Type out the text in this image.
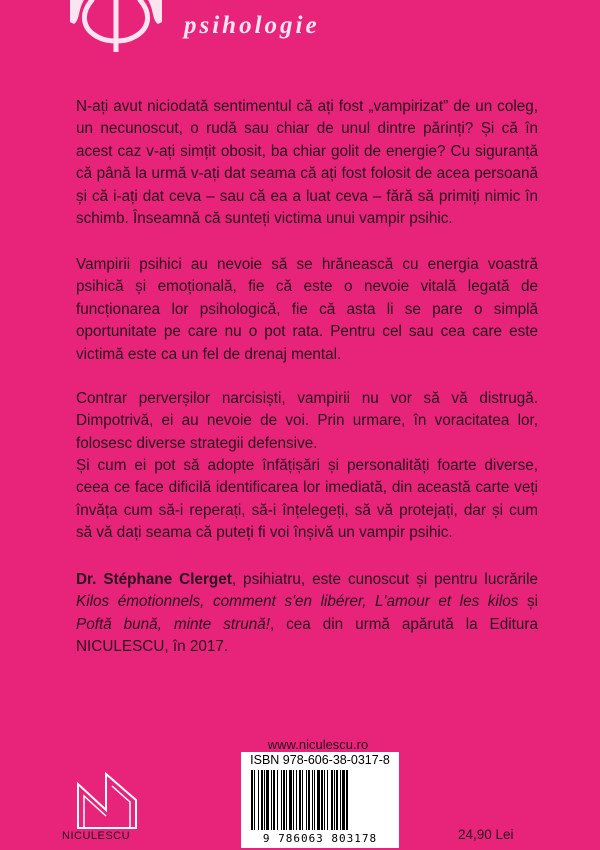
psihologie

N-ați avut niciodată sentimentul că ați fost „vampirizat” de un coleg, un necunoscut, o rudă sau chiar de unul dintre părinți? Și că în acest caz v-ați simțit obosit, ba chiar golit de energie? Cu siguranță că până la urmă v-ați dat seama că ați fost folosit de acea persoană și că i-ați dat ceva – sau că ea a luat ceva – fără să primiți nimic în schimb. Înseamnă că sunteți victima unui vampir psihic.

Vampirii psihici au nevoie să se hrănească cu energia voastră psihică și emoțională, fie că este o nevoie vitală legată de funcționarea lor psihologică, fie că asta li se pare o simplă oportunitate pe care nu o pot rata. Pentru cel sau cea care este victimă este ca un fel de drenaj mental.

Contrar perverșilor narcisiști, vampirii nu vor să vă distrugă. Dimpotrivă, ei au nevoie de voi. Prin urmare, în voracitatea lor, folosesc diverse strategii defensive.

Și cum ei pot să adopte înfățișări și personalități foarte diverse, ceea ce face dificilă identificarea lor imediată, din această carte veți învăța cum să-i reperați, să-i înțelegeți, să vă protejați, dar și cum să vă dați seama că puteți fi voi înșivă un vampir psihic.

Dr. Stéphane Clerget, psihiatru, este cunoscut și pentru lucrările Kilos émotionnels, comment s'en libérer, L'amour et les kilos și Poftă bună, minte strună!, cea din urmă apărută la Editura NICULESCU, în 2017.

www.niculescu.ro
ISBN 978-606-38-0317-8
9 786063 803178
NICULESCU	24,90 Lei
